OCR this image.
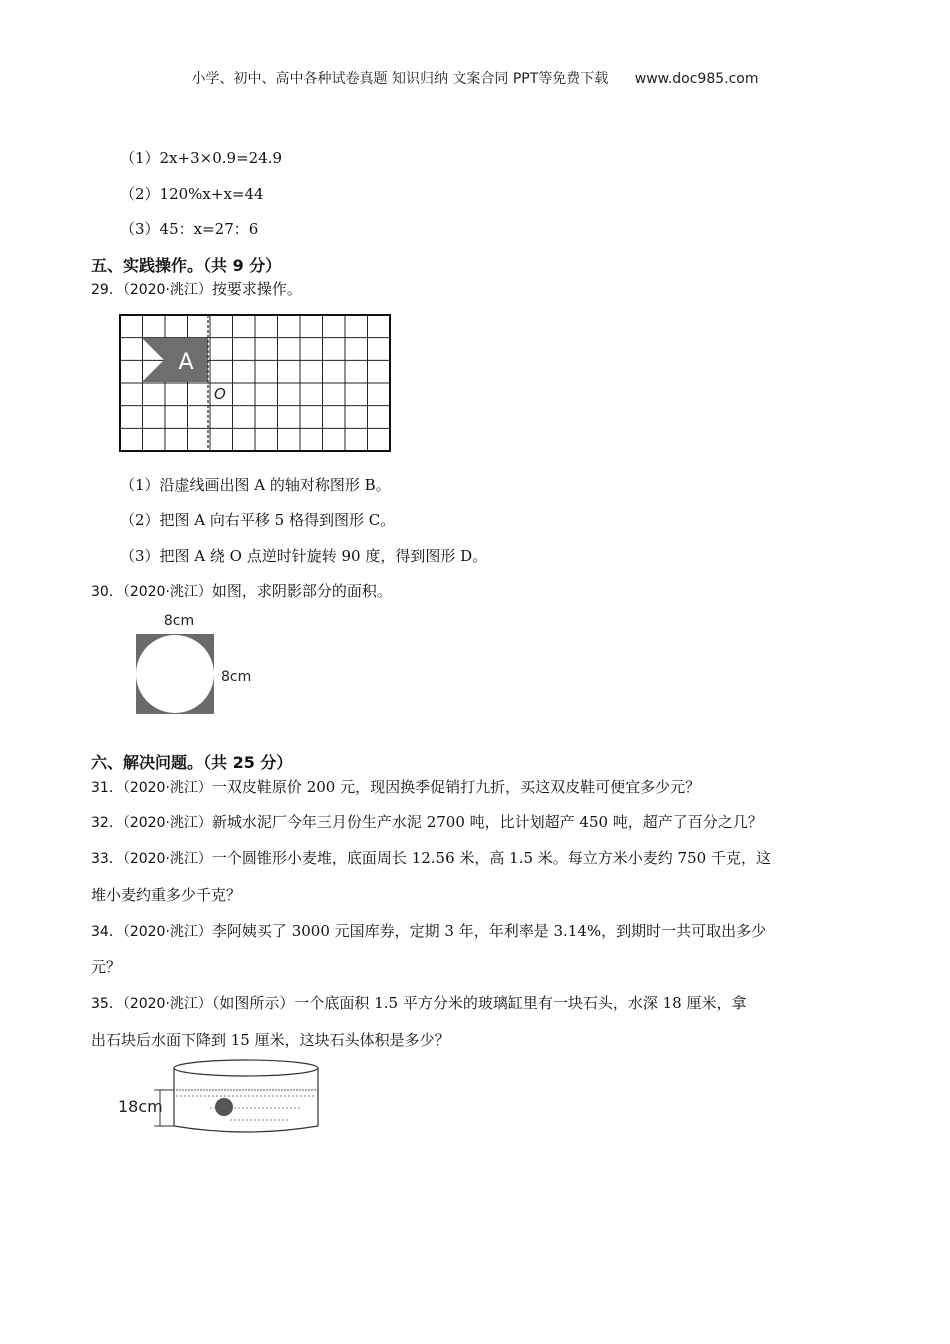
小学、初中、高中各种试卷真题 知识归纳 文案合同 PPT等免费下载 www.doc985.com
（1）2x+3×0.9=24.9
（2）120%x+x=44
（3）45：x=27：6
五、实践操作。（共 9 分）
29．（2020·洮江）按要求操作。
A
O
（1）沿虚线画出图 A 的轴对称图形 B。
（2）把图 A 向右平移 5 格得到图形 C。
（3）把图 A 绕 O 点逆时针旋转 90 度，得到图形 D。
30．（2020·洮江）如图，求阴影部分的面积。
8cm
8cm
六、解决问题。（共 25 分）
31．（2020·洮江）一双皮鞋原价 200 元，现因换季促销打九折，买这双皮鞋可便宜多少元？
32．（2020·洮江）新城水泥厂今年三月份生产水泥 2700 吨，比计划超产 450 吨，超产了百分之几？
33．（2020·洮江）一个圆锥形小麦堆，底面周长 12.56 米，高 1.5 米。每立方米小麦约 750 千克，这
堆小麦约重多少千克？
34．（2020·洮江）李阿姨买了 3000 元国库券，定期 3 年，年利率是 3.14%，到期时一共可取出多少
元？
35．（2020·洮江）（如图所示）一个底面积 1.5 平方分米的玻璃缸里有一块石头，水深 18 厘米，拿
出石块后水面下降到 15 厘米，这块石头体积是多少？
18cm
